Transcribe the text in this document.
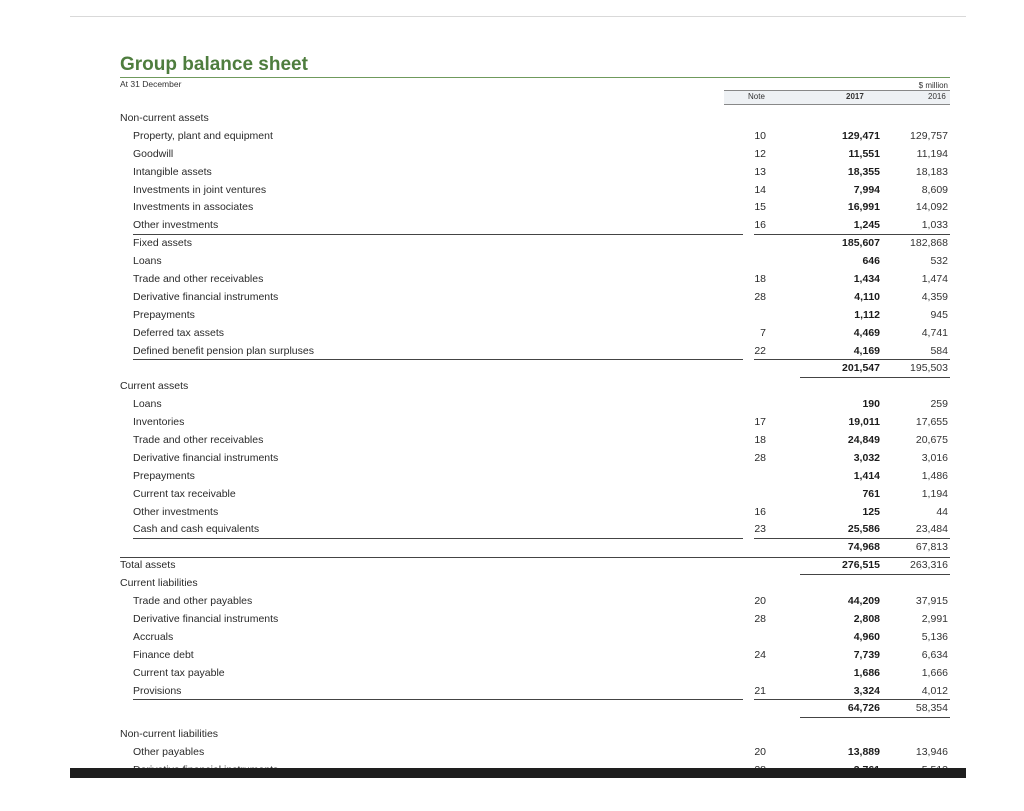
Group balance sheet
At 31 December	$ million
Note	2017	2016
Non-current assets
Property, plant and equipment	10	129,471	129,757
Goodwill	12	11,551	11,194
Intangible assets	13	18,355	18,183
Investments in joint ventures	14	7,994	8,609
Investments in associates	15	16,991	14,092
Other investments	16	1,245	1,033
Fixed assets	185,607	182,868
Loans	646	532
Trade and other receivables	18	1,434	1,474
Derivative financial instruments	28	4,110	4,359
Prepayments	1,112	945
Deferred tax assets	7	4,469	4,741
Defined benefit pension plan surpluses	22	4,169	584
201,547	195,503
Current assets
Loans	190	259
Inventories	17	19,011	17,655
Trade and other receivables	18	24,849	20,675
Derivative financial instruments	28	3,032	3,016
Prepayments	1,414	1,486
Current tax receivable	761	1,194
Other investments	16	125	44
Cash and cash equivalents	23	25,586	23,484
74,968	67,813
Total assets	276,515	263,316
Current liabilities
Trade and other payables	20	44,209	37,915
Derivative financial instruments	28	2,808	2,991
Accruals	4,960	5,136
Finance debt	24	7,739	6,634
Current tax payable	1,686	1,666
Provisions	21	3,324	4,012
64,726	58,354
Non-current liabilities
Other payables	20	13,889	13,946
